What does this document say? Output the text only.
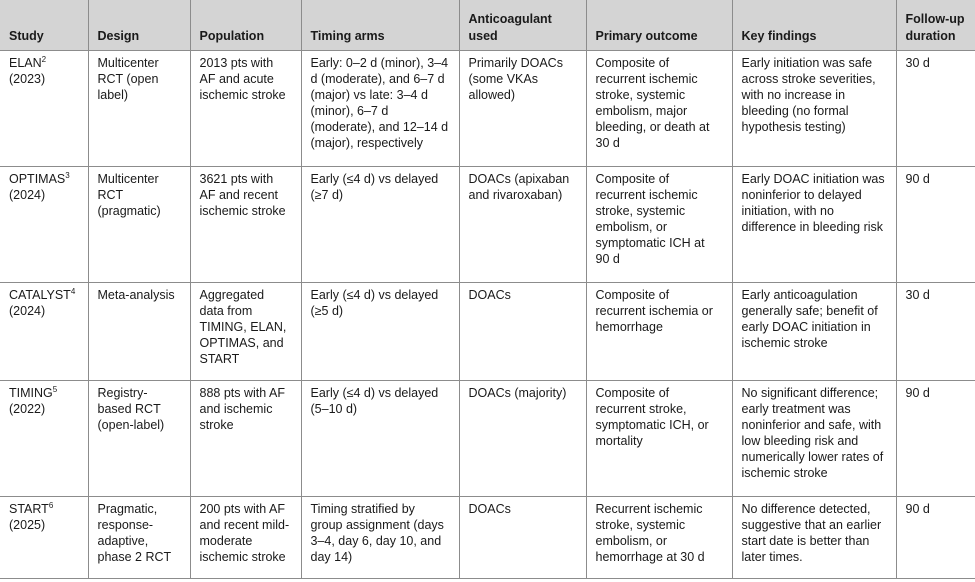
Study	Design	Population	Timing arms	Anticoagulant used	Primary outcome	Key findings	Follow-up duration
ELAN$^2$
(2023)	Multicenter RCT (open label)	2013 pts with AF and acute ischemic stroke	Early: 0–2 d (minor), 3–4 d (moderate), and 6–7 d (major) vs late: 3–4 d (minor), 6–7 d (moderate), and 12–14 d (major), respectively	Primarily DOACs (some VKAs allowed)	Composite of recurrent ischemic stroke, systemic embolism, major bleeding, or death at 30 d	Early initiation was safe across stroke severities, with no increase in bleeding (no formal hypothesis testing)	30 d
OPTIMAS$^3$
(2024)	Multicenter RCT (pragmatic)	3621 pts with AF and recent ischemic stroke	Early (≤4 d) vs delayed (≥7 d)	DOACs (apixaban and rivaroxaban)	Composite of recurrent ischemic stroke, systemic embolism, or symptomatic ICH at 90 d	Early DOAC initiation was noninferior to delayed initiation, with no difference in bleeding risk	90 d
CATALYST$^4$
(2024)	Meta-analysis	Aggregated data from TIMING, ELAN, OPTIMAS, and START	Early (≤4 d) vs delayed (≥5 d)	DOACs	Composite of recurrent ischemia or hemorrhage	Early anticoagulation generally safe; benefit of early DOAC initiation in ischemic stroke	30 d
TIMING$^5$
(2022)	Registry-based RCT (open-label)	888 pts with AF and ischemic stroke	Early (≤4 d) vs delayed (5–10 d)	DOACs (majority)	Composite of recurrent stroke, symptomatic ICH, or mortality	No significant difference; early treatment was noninferior and safe, with low bleeding risk and numerically lower rates of ischemic stroke	90 d
START$^6$
(2025)	Pragmatic, response-adaptive, phase 2 RCT	200 pts with AF and recent mild-moderate ischemic stroke	Timing stratified by group assignment (days 3–4, day 6, day 10, and day 14)	DOACs	Recurrent ischemic stroke, systemic embolism, or hemorrhage at 30 d	No difference detected, suggestive that an earlier start date is better than later times.	90 d
